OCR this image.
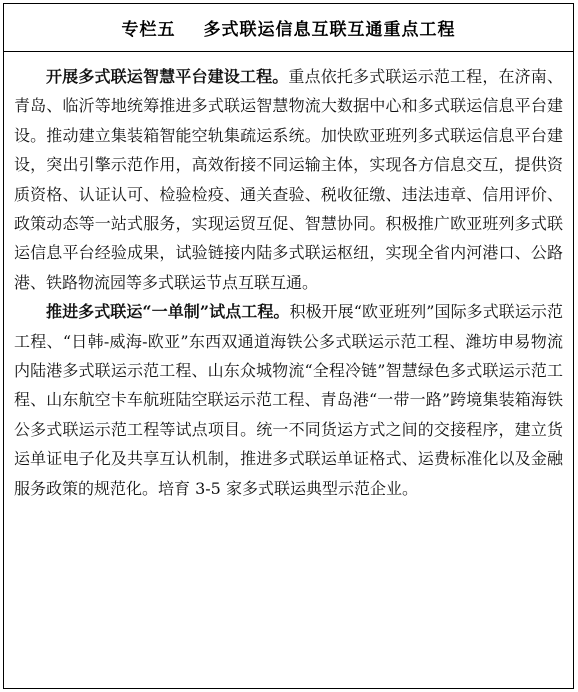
专栏五 多式联运信息互联互通重点工程

开展多式联运智慧平台建设工程。重点依托多式联运示范工程，在济南、青岛、临沂等地统筹推进多式联运智慧物流大数据中心和多式联运信息平台建设。推动建立集装箱智能空轨集疏运系统。加快欧亚班列多式联运信息平台建设，突出引擎示范作用，高效衔接不同运输主体，实现各方信息交互，提供资质资格、认证认可、检验检疫、通关查验、税收征缴、违法违章、信用评价、政策动态等一站式服务，实现运贸互促、智慧协同。积极推广欧亚班列多式联运信息平台经验成果，试验链接内陆多式联运枢纽，实现全省内河港口、公路港、铁路物流园等多式联运节点互联互通。

推进多式联运“一单制”试点工程。积极开展“欧亚班列”国际多式联运示范工程、“日韩-威海-欧亚”东西双通道海铁公多式联运示范工程、潍坊申易物流内陆港多式联运示范工程、山东众城物流“全程冷链”智慧绿色多式联运示范工程、山东航空卡车航班陆空联运示范工程、青岛港“一带一路”跨境集装箱海铁公多式联运示范工程等试点项目。统一不同货运方式之间的交接程序，建立货运单证电子化及共享互认机制，推进多式联运单证格式、运费标准化以及金融服务政策的规范化。培育 3-5 家多式联运典型示范企业。
